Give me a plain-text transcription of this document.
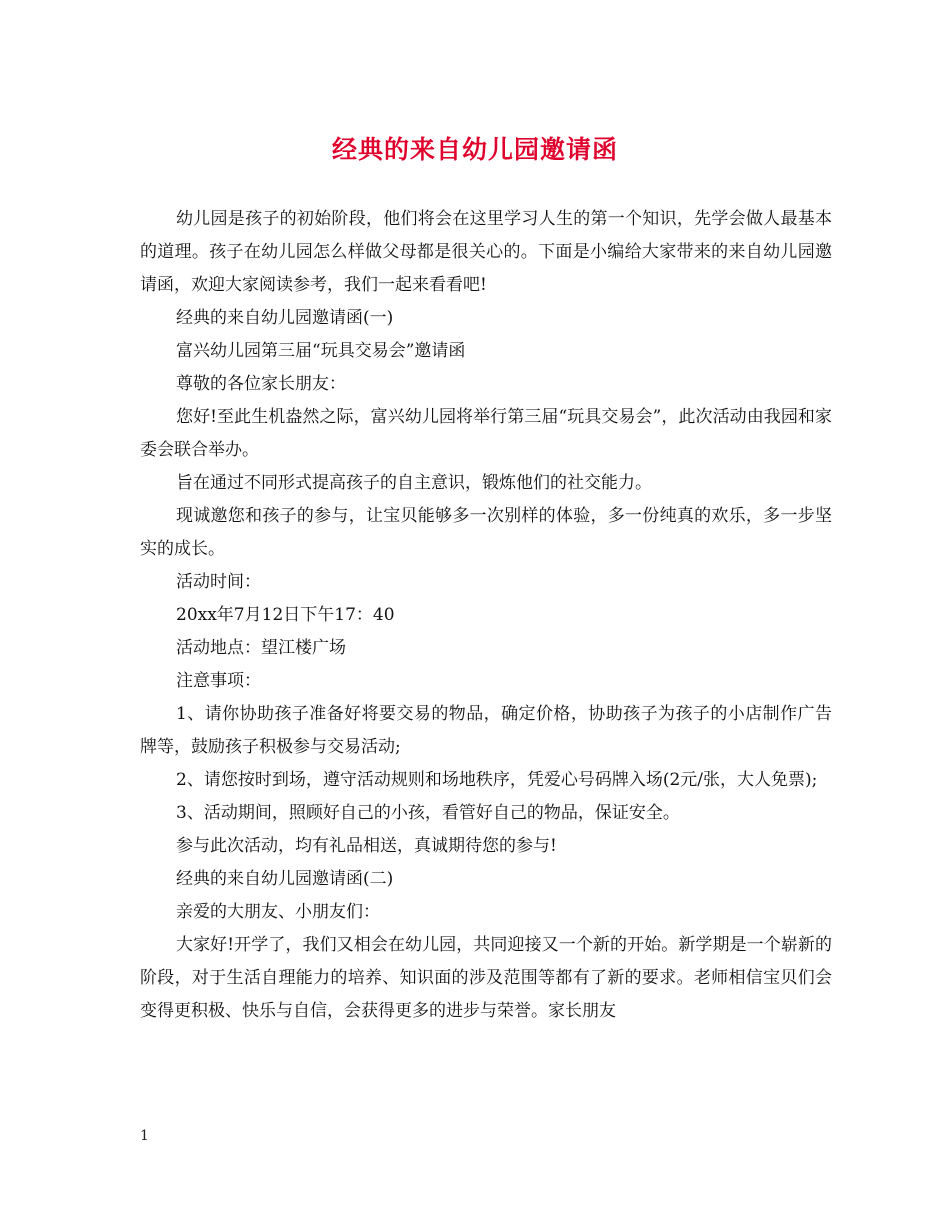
经典的来自幼儿园邀请函

幼儿园是孩子的初始阶段，他们将会在这里学习人生的第一个知识，先学会做人最基本的道理。孩子在幼儿园怎么样做父母都是很关心的。下面是小编给大家带来的来自幼儿园邀请函，欢迎大家阅读参考，我们一起来看看吧!

经典的来自幼儿园邀请函(一)

富兴幼儿园第三届“玩具交易会”邀请函

尊敬的各位家长朋友：

您好!至此生机盎然之际，富兴幼儿园将举行第三届“玩具交易会”，此次活动由我园和家委会联合举办。

旨在通过不同形式提高孩子的自主意识，锻炼他们的社交能力。

现诚邀您和孩子的参与，让宝贝能够多一次别样的体验，多一份纯真的欢乐，多一步坚实的成长。

活动时间：

20xx年7月12日下午17：40

活动地点：望江楼广场

注意事项：

1、请你协助孩子准备好将要交易的物品，确定价格，协助孩子为孩子的小店制作广告牌等，鼓励孩子积极参与交易活动;

2、请您按时到场，遵守活动规则和场地秩序，凭爱心号码牌入场(2元/张，大人免票);

3、活动期间，照顾好自己的小孩，看管好自己的物品，保证安全。

参与此次活动，均有礼品相送，真诚期待您的参与!

经典的来自幼儿园邀请函(二)

亲爱的大朋友、小朋友们：

大家好!开学了，我们又相会在幼儿园，共同迎接又一个新的开始。新学期是一个崭新的阶段，对于生活自理能力的培养、知识面的涉及范围等都有了新的要求。老师相信宝贝们会变得更积极、快乐与自信，会获得更多的进步与荣誉。家长朋友

1
